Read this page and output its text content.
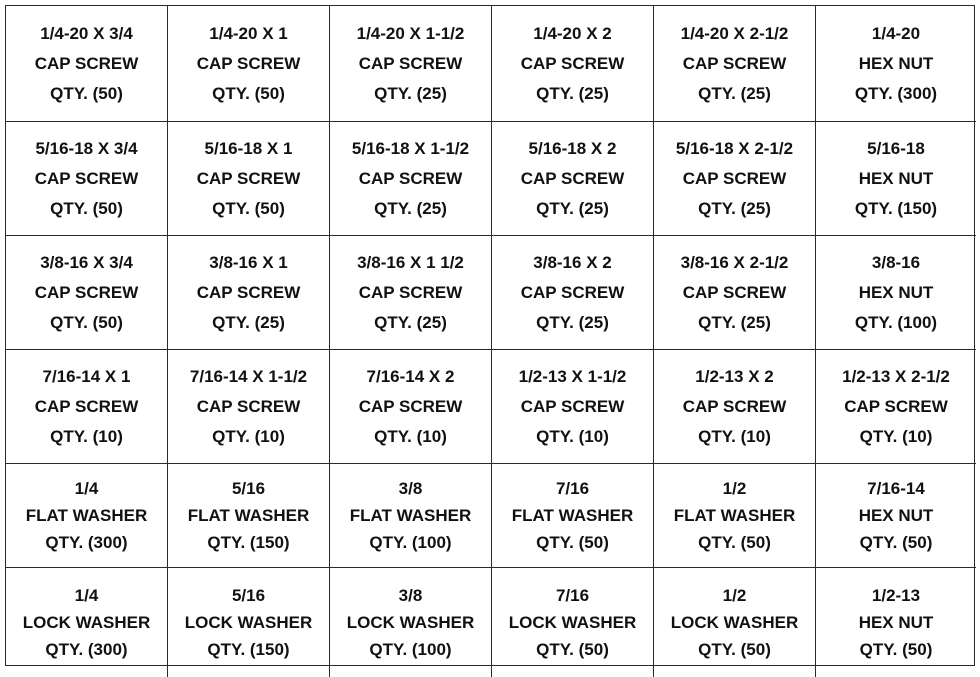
1/4-20 X 3/4
CAP SCREW
QTY. (50)
1/4-20 X 1
CAP SCREW
QTY. (50)
1/4-20 X 1-1/2
CAP SCREW
QTY. (25)
1/4-20 X 2
CAP SCREW
QTY. (25)
1/4-20 X 2-1/2
CAP SCREW
QTY. (25)
1/4-20
HEX NUT
QTY. (300)
5/16-18 X 3/4
CAP SCREW
QTY. (50)
5/16-18 X 1
CAP SCREW
QTY. (50)
5/16-18 X 1-1/2
CAP SCREW
QTY. (25)
5/16-18 X 2
CAP SCREW
QTY. (25)
5/16-18 X 2-1/2
CAP SCREW
QTY. (25)
5/16-18
HEX NUT
QTY. (150)
3/8-16 X 3/4
CAP SCREW
QTY. (50)
3/8-16 X 1
CAP SCREW
QTY. (25)
3/8-16 X 1 1/2
CAP SCREW
QTY. (25)
3/8-16 X 2
CAP SCREW
QTY. (25)
3/8-16 X 2-1/2
CAP SCREW
QTY. (25)
3/8-16
HEX NUT
QTY. (100)
7/16-14 X 1
CAP SCREW
QTY. (10)
7/16-14 X 1-1/2
CAP SCREW
QTY. (10)
7/16-14 X 2
CAP SCREW
QTY. (10)
1/2-13 X 1-1/2
CAP SCREW
QTY. (10)
1/2-13 X 2
CAP SCREW
QTY. (10)
1/2-13 X 2-1/2
CAP SCREW
QTY. (10)
1/4
FLAT WASHER
QTY. (300)
5/16
FLAT WASHER
QTY. (150)
3/8
FLAT WASHER
QTY. (100)
7/16
FLAT WASHER
QTY. (50)
1/2
FLAT WASHER
QTY. (50)
7/16-14
HEX NUT
QTY. (50)
1/4
LOCK WASHER
QTY. (300)
5/16
LOCK WASHER
QTY. (150)
3/8
LOCK WASHER
QTY. (100)
7/16
LOCK WASHER
QTY. (50)
1/2
LOCK WASHER
QTY. (50)
1/2-13
HEX NUT
QTY. (50)
